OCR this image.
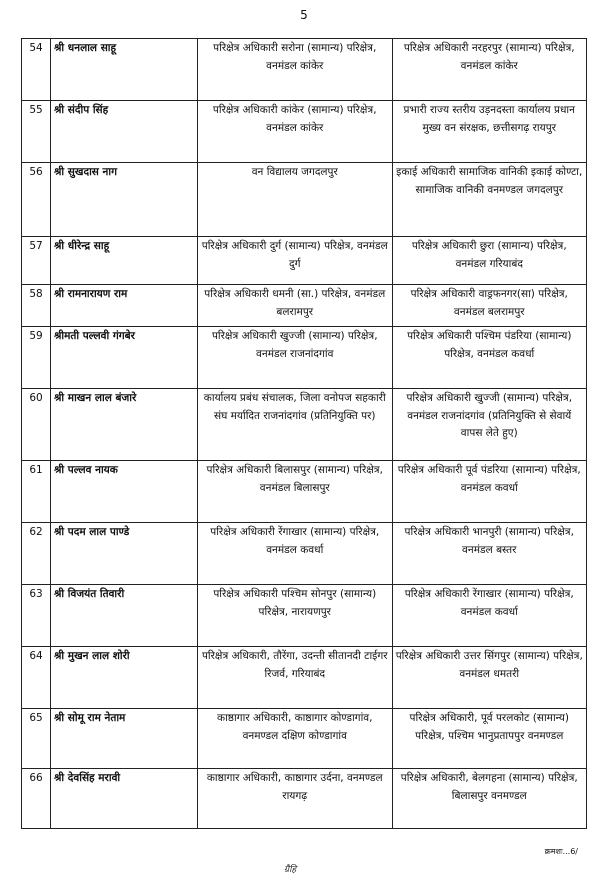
5
54	श्री धनलाल साहू	परिक्षेत्र अधिकारी सरोना (सामान्य) परिक्षेत्र, वनमंडल कांकेर	परिक्षेत्र अधिकारी नरहरपुर (सामान्य) परिक्षेत्र, वनमंडल कांकेर
55	श्री संदीप सिंह	परिक्षेत्र अधिकारी कांकेर (सामान्य) परिक्षेत्र, वनमंडल कांकेर	प्रभारी राज्य स्तरीय उड़नदस्ता कार्यालय प्रधान मुख्य वन संरक्षक, छत्तीसगढ़ रायपुर
56	श्री सुखदास नाग	वन विद्यालय जगदलपुर	इकाई अधिकारी सामाजिक वानिकी इकाई कोण्टा, सामाजिक वानिकी वनमण्डल जगदलपुर
57	श्री धीरेन्द्र साहू	परिक्षेत्र अधिकारी दुर्ग (सामान्य) परिक्षेत्र, वनमंडल दुर्ग	परिक्षेत्र अधिकारी छुरा (सामान्य) परिक्षेत्र, वनमंडल गरियाबंद
58	श्री रामनारायण राम	परिक्षेत्र अधिकारी धमनी (सा.) परिक्षेत्र, वनमंडल बलरामपुर	परिक्षेत्र अधिकारी वाड्रफनगर(सा) परिक्षेत्र, वनमंडल बलरामपुर
59	श्रीमती पल्लवी गंगबेर	परिक्षेत्र अधिकारी खुज्जी (सामान्य) परिक्षेत्र, वनमंडल राजनांदगांव	परिक्षेत्र अधिकारी पश्चिम पंडरिया (सामान्य) परिक्षेत्र, वनमंडल कवर्धा
60	श्री माखन लाल बंजारे	कार्यालय प्रबंध संचालक, जिला वनोपज सहकारी संघ मर्यादित राजनांदगांव (प्रतिनियुक्ति पर)	परिक्षेत्र अधिकारी खुज्जी (सामान्य) परिक्षेत्र, वनमंडल राजनांदगांव (प्रतिनियुक्ति से सेवायें वापस लेते हुए)
61	श्री पल्लव नायक	परिक्षेत्र अधिकारी बिलासपुर (सामान्य) परिक्षेत्र, वनमंडल बिलासपुर	परिक्षेत्र अधिकारी पूर्व पंडरिया (सामान्य) परिक्षेत्र, वनमंडल कवर्धा
62	श्री पदम लाल पाण्डे	परिक्षेत्र अधिकारी रेंगाखार (सामान्य) परिक्षेत्र, वनमंडल कवर्धा	परिक्षेत्र अधिकारी भानपुरी (सामान्य) परिक्षेत्र, वनमंडल बस्तर
63	श्री विजयंत तिवारी	परिक्षेत्र अधिकारी पश्चिम सोनपुर (सामान्य) परिक्षेत्र, नारायणपुर	परिक्षेत्र अधिकारी रेंगाखार (सामान्य) परिक्षेत्र, वनमंडल कवर्धा
64	श्री मुखन लाल शोरी	परिक्षेत्र अधिकारी, तौरेंगा, उदन्ती सीतानदी टाईगर रिजर्व, गरियाबंद	परिक्षेत्र अधिकारी उत्तर सिंगपुर (सामान्य) परिक्षेत्र, वनमंडल धमतरी
65	श्री सोमू राम नेताम	काष्ठागार अधिकारी, काष्ठागार कोण्डागांव, वनमण्डल दक्षिण कोण्डागांव	परिक्षेत्र अधिकारी, पूर्व परलकोट (सामान्य) परिक्षेत्र, पश्चिम भानुप्रतापपुर वनमण्डल
66	श्री देवसिंह मरावी	काष्ठागार अधिकारी, काष्ठागार उर्दना, वनमण्डल रायगढ़	परिक्षेत्र अधिकारी, बेलगहना (सामान्य) परिक्षेत्र, बिलासपुर वनमण्डल
क्रमशः...6/
ग्रैहि
